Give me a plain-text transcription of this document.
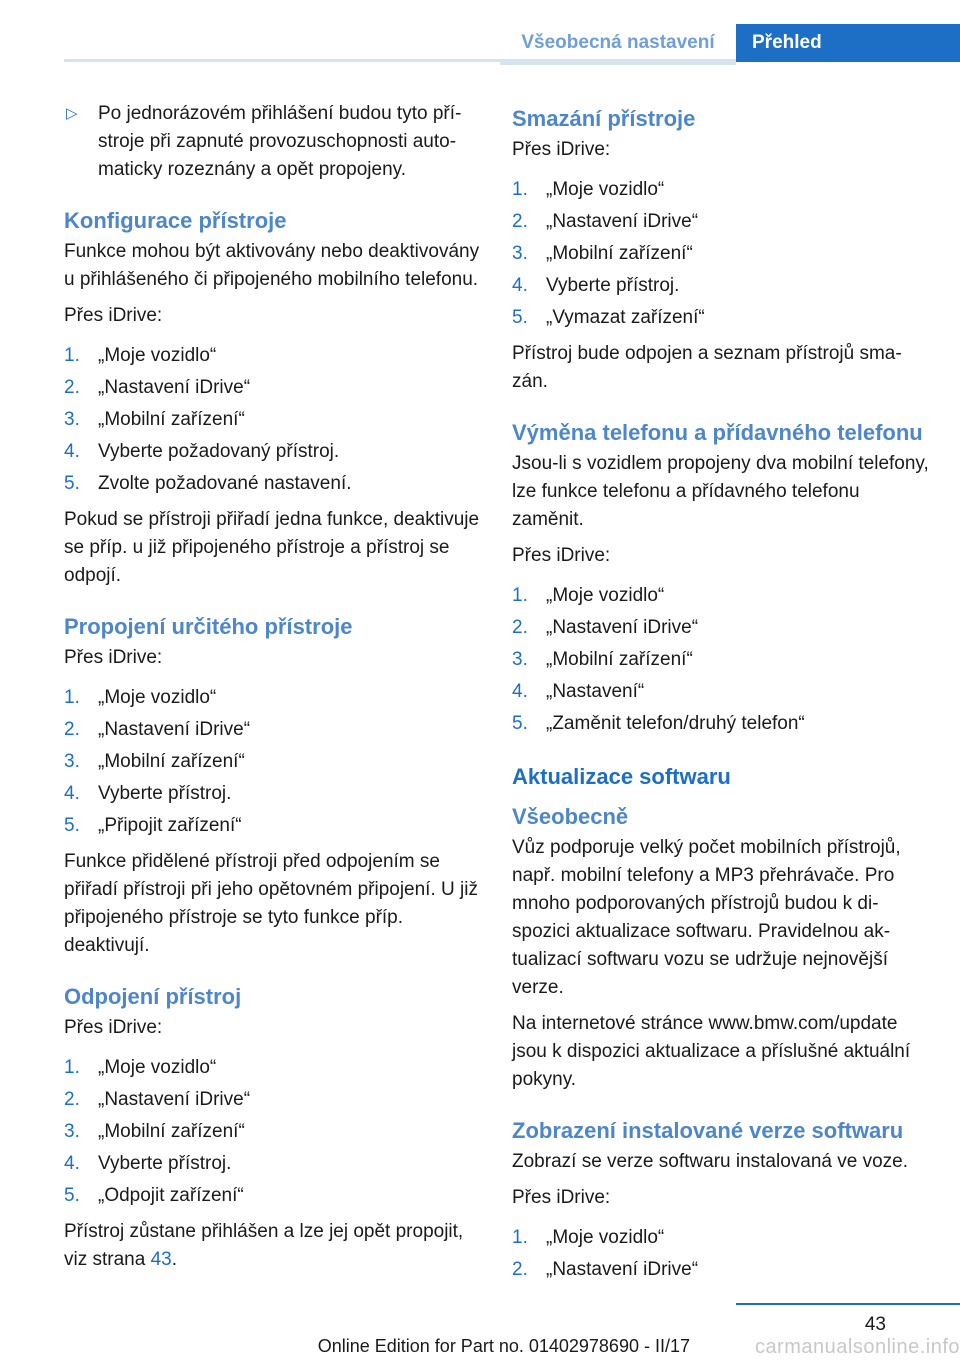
Všeobecná nastavení	Přehled
▷ Po jednorázovém přihlášení budou tyto přístroje při zapnuté provozuschopnosti automaticky rozeznány a opět propojeny.
Konfigurace přístroje
Funkce mohou být aktivovány nebo deaktivovány u přihlášeného či připojeného mobilního telefonu.
Přes iDrive:
1. „Moje vozidlo“
2. „Nastavení iDrive“
3. „Mobilní zařízení“
4. Vyberte požadovaný přístroj.
5. Zvolte požadované nastavení.
Pokud se přístroji přiřadí jedna funkce, deaktivuje se příp. u již připojeného přístroje a přístroj se odpojí.
Propojení určitého přístroje
Přes iDrive:
1. „Moje vozidlo“
2. „Nastavení iDrive“
3. „Mobilní zařízení“
4. Vyberte přístroj.
5. „Připojit zařízení“
Funkce přidělené přístroji před odpojením se přiřadí přístroji při jeho opětovném připojení. U již připojeného přístroje se tyto funkce příp. deaktivují.
Odpojení přístroj
Přes iDrive:
1. „Moje vozidlo“
2. „Nastavení iDrive“
3. „Mobilní zařízení“
4. Vyberte přístroj.
5. „Odpojit zařízení“
Přístroj zůstane přihlášen a lze jej opět propojit, viz strana 43.
Smazání přístroje
Přes iDrive:
1. „Moje vozidlo“
2. „Nastavení iDrive“
3. „Mobilní zařízení“
4. Vyberte přístroj.
5. „Vymazat zařízení“
Přístroj bude odpojen a seznam přístrojů smazán.
Výměna telefonu a přídavného telefonu
Jsou-li s vozidlem propojeny dva mobilní telefony, lze funkce telefonu a přídavného telefonu zaměnit.
Přes iDrive:
1. „Moje vozidlo“
2. „Nastavení iDrive“
3. „Mobilní zařízení“
4. „Nastavení“
5. „Zaměnit telefon/druhý telefon“
Aktualizace softwaru
Všeobecně
Vůz podporuje velký počet mobilních přístrojů, např. mobilní telefony a MP3 přehrávače. Pro mnoho podporovaných přístrojů budou k dispozici aktualizace softwaru. Pravidelnou aktualizací softwaru vozu se udržuje nejnovější verze.
Na internetové stránce www.bmw.com/update jsou k dispozici aktualizace a příslušné aktuální pokyny.
Zobrazení instalované verze softwaru
Zobrazí se verze softwaru instalovaná ve voze.
Přes iDrive:
1. „Moje vozidlo“
2. „Nastavení iDrive“
43
Online Edition for Part no. 01402978690 - II/17	carmanualsonline.info
